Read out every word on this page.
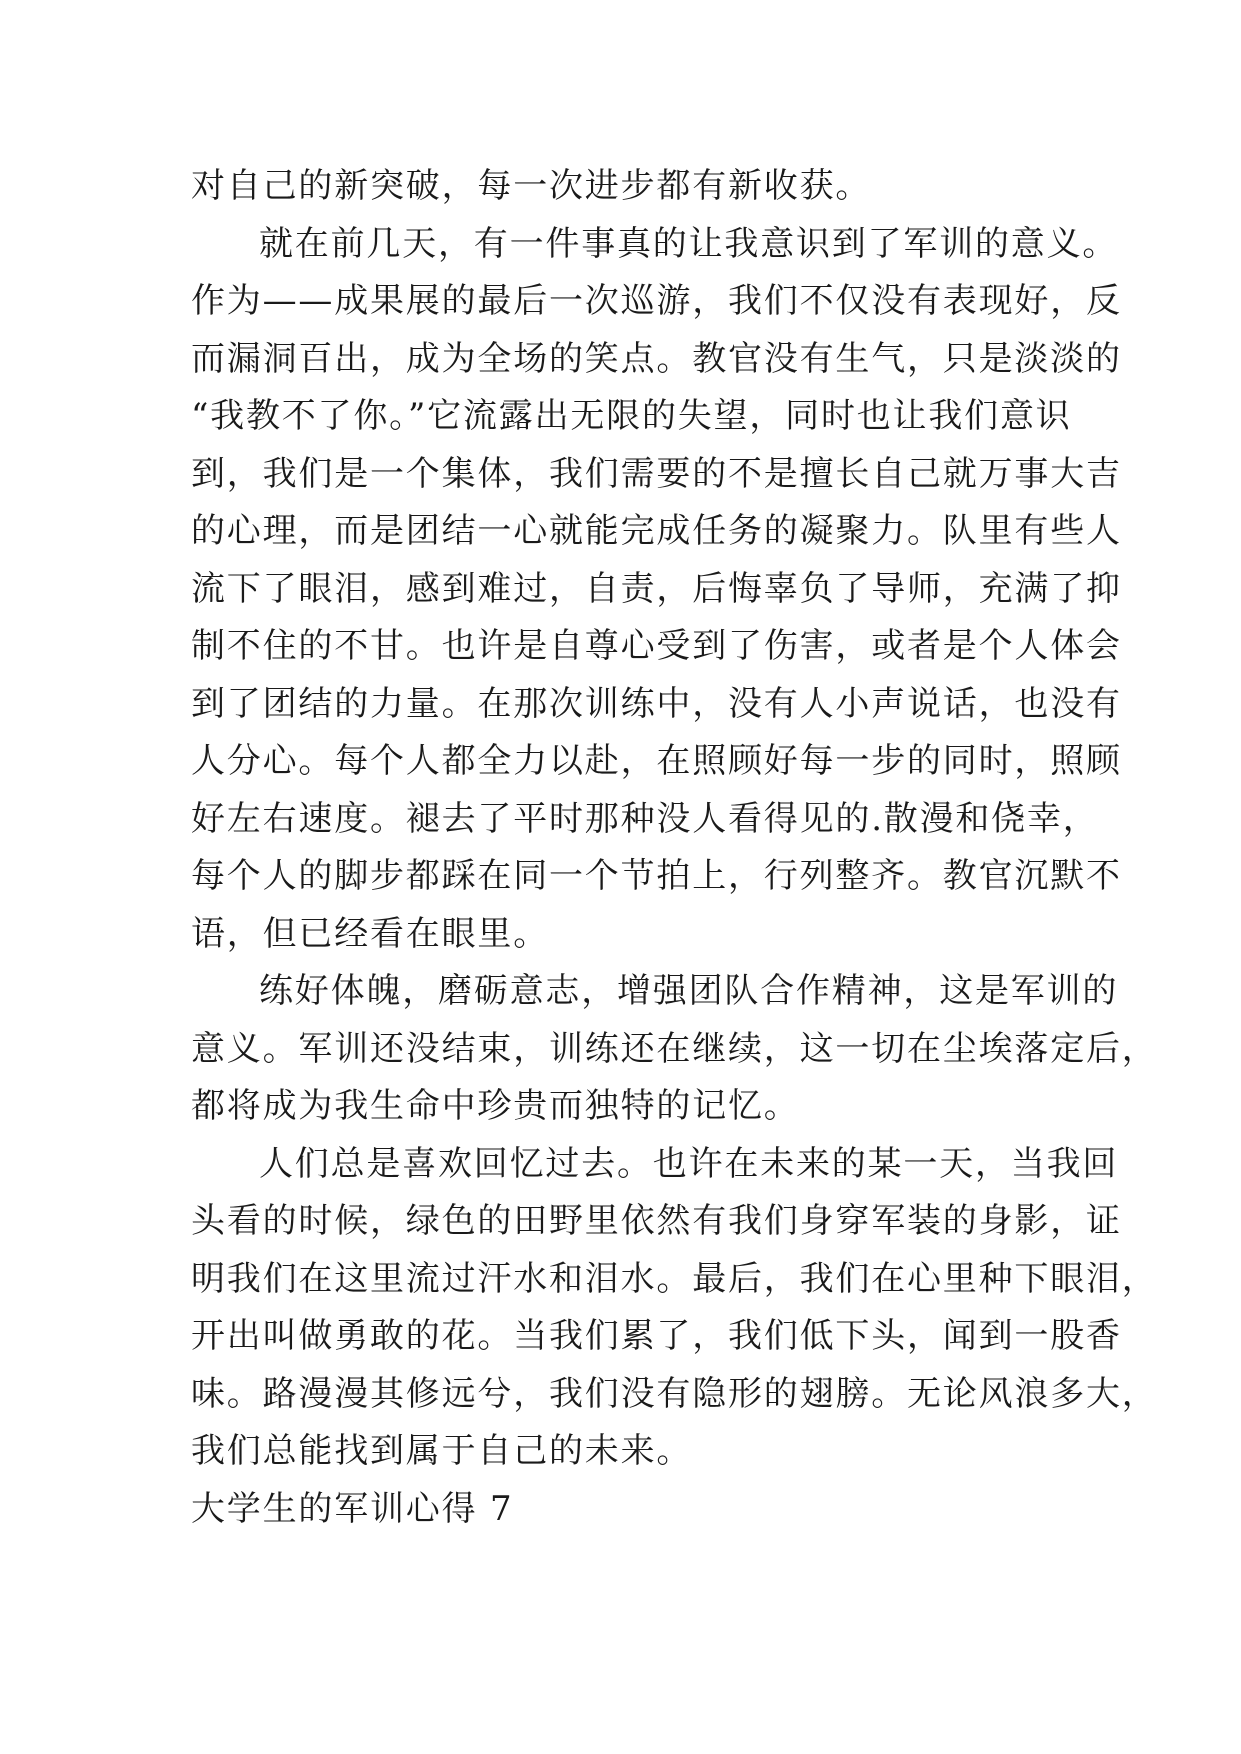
对自己的新突破，每一次进步都有新收获。
就在前几天，有一件事真的让我意识到了军训的意义。
作为——成果展的最后一次巡游，我们不仅没有表现好，反
而漏洞百出，成为全场的笑点。教官没有生气，只是淡淡的
“我教不了你。”它流露出无限的失望，同时也让我们意识
到，我们是一个集体，我们需要的不是擅长自己就万事大吉
的心理，而是团结一心就能完成任务的凝聚力。队里有些人
流下了眼泪，感到难过，自责，后悔辜负了导师，充满了抑
制不住的不甘。也许是自尊心受到了伤害，或者是个人体会
到了团结的力量。在那次训练中，没有人小声说话，也没有
人分心。每个人都全力以赴，在照顾好每一步的同时，照顾
好左右速度。褪去了平时那种没人看得见的.散漫和侥幸，
每个人的脚步都踩在同一个节拍上，行列整齐。教官沉默不
语，但已经看在眼里。
练好体魄，磨砺意志，增强团队合作精神，这是军训的
意义。军训还没结束，训练还在继续，这一切在尘埃落定后，
都将成为我生命中珍贵而独特的记忆。
人们总是喜欢回忆过去。也许在未来的某一天，当我回
头看的时候，绿色的田野里依然有我们身穿军装的身影，证
明我们在这里流过汗水和泪水。最后，我们在心里种下眼泪，
开出叫做勇敢的花。当我们累了，我们低下头，闻到一股香
味。路漫漫其修远兮，我们没有隐形的翅膀。无论风浪多大，
我们总能找到属于自己的未来。
大学生的军训心得 7
